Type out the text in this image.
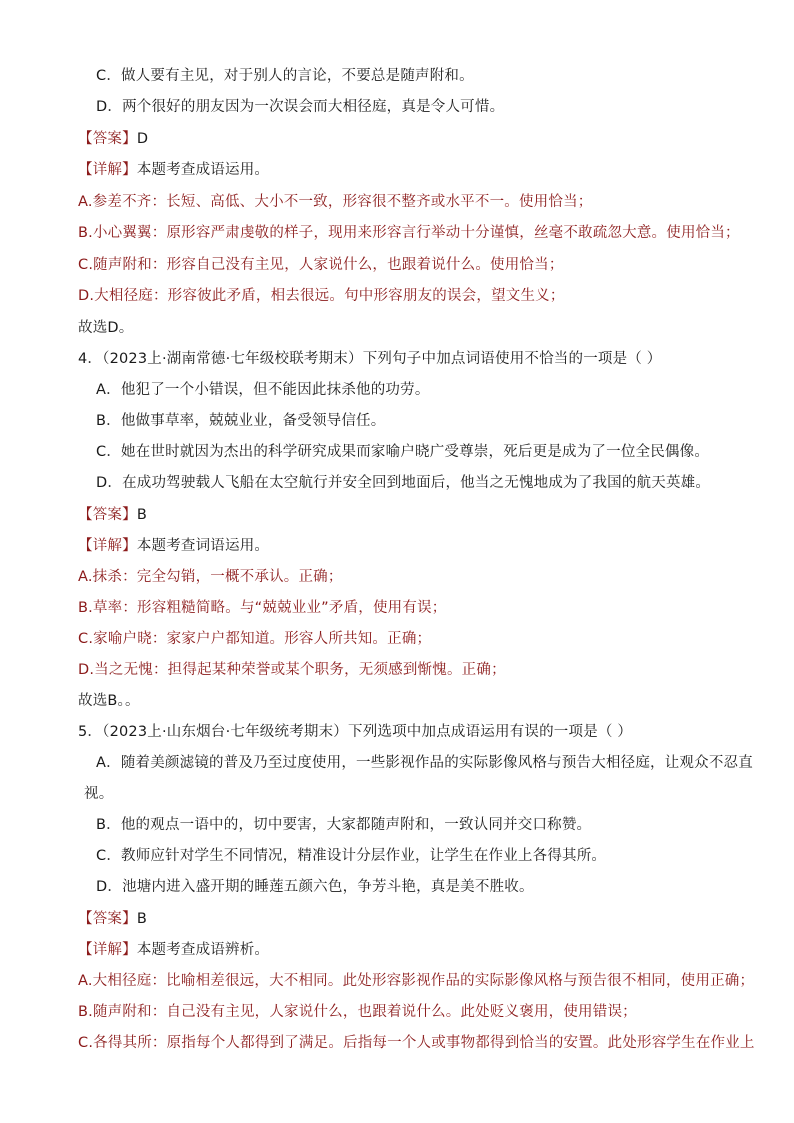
C．做人要有主见，对于别人的言论，不要总是随声附和。
D．两个很好的朋友因为一次误会而大相径庭，真是令人可惜。
【答案】D
【详解】本题考查成语运用。
A.参差不齐：长短、高低、大小不一致，形容很不整齐或水平不一。使用恰当；
B.小心翼翼：原形容严肃虔敬的样子，现用来形容言行举动十分谨慎，丝毫不敢疏忽大意。使用恰当；
C.随声附和：形容自己没有主见，人家说什么，也跟着说什么。使用恰当；
D.大相径庭：形容彼此矛盾，相去很远。句中形容朋友的误会，望文生义；
故选D。
4．（2023上·湖南常德·七年级校联考期末）下列句子中加点词语使用不恰当的一项是（ ）
A．他犯了一个小错误，但不能因此抹杀他的功劳。
B．他做事草率，兢兢业业，备受领导信任。
C．她在世时就因为杰出的科学研究成果而家喻户晓广受尊崇，死后更是成为了一位全民偶像。
D．在成功驾驶载人飞船在太空航行并安全回到地面后，他当之无愧地成为了我国的航天英雄。
【答案】B
【详解】本题考查词语运用。
A.抹杀：完全勾销，一概不承认。正确；
B.草率：形容粗糙简略。与“兢兢业业”矛盾，使用有误；
C.家喻户晓：家家户户都知道。形容人所共知。正确；
D.当之无愧：担得起某种荣誉或某个职务，无须感到惭愧。正确；
故选B。。
5．（2023上·山东烟台·七年级统考期末）下列选项中加点成语运用有误的一项是（ ）
A．随着美颜滤镜的普及乃至过度使用，一些影视作品的实际影像风格与预告大相径庭，让观众不忍直
视。
B．他的观点一语中的，切中要害，大家都随声附和，一致认同并交口称赞。
C．教师应针对学生不同情况，精准设计分层作业，让学生在作业上各得其所。
D．池塘内进入盛开期的睡莲五颜六色，争芳斗艳，真是美不胜收。
【答案】B
【详解】本题考查成语辨析。
A.大相径庭：比喻相差很远，大不相同。此处形容影视作品的实际影像风格与预告很不相同，使用正确；
B.随声附和：自己没有主见，人家说什么，也跟着说什么。此处贬义褒用，使用错误；
C.各得其所：原指每个人都得到了满足。后指每一个人或事物都得到恰当的安置。此处形容学生在作业上
